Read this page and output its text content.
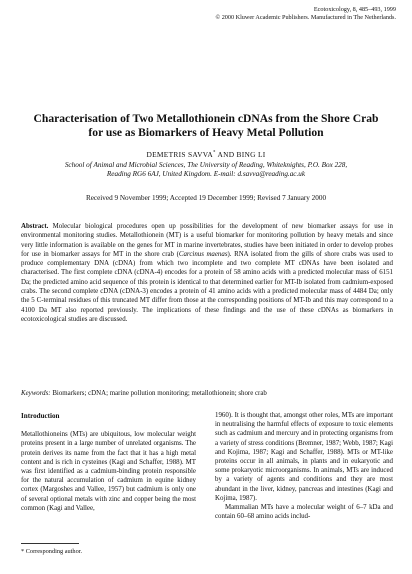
Ecotoxicology, 8, 485–493, 1999
© 2000 Kluwer Academic Publishers. Manufactured in The Netherlands.
Characterisation of Two Metallothionein cDNAs from the Shore Crab for use as Biomarkers of Heavy Metal Pollution
DEMETRIS SAVVA* AND BING LI
School of Animal and Microbial Sciences, The University of Reading, Whiteknights, P.O. Box 228,
Reading RG6 6AJ, United Kingdom. E-mail: d.savva@reading.ac.uk
Received 9 November 1999; Accepted 19 December 1999; Revised 7 January 2000
Abstract. Molecular biological procedures open up possibilities for the development of new biomarker assays for use in environmental monitoring studies. Metallothionein (MT) is a useful biomarker for monitoring pollution by heavy metals and since very little information is available on the genes for MT in marine invertebrates, studies have been initiated in order to develop probes for use in biomarker assays for MT in the shore crab (Carcinus maenas). RNA isolated from the gills of shore crabs was used to produce complementary DNA (cDNA) from which two incomplete and two complete MT cDNAs have been isolated and characterised. The first complete cDNA (cDNA-4) encodes for a protein of 58 amino acids with a predicted molecular mass of 6151 Da; the predicted amino acid sequence of this protein is identical to that determined earlier for MT-Ib isolated from cadmium-exposed crabs. The second complete cDNA (cDNA-3) encodes a protein of 41 amino acids with a predicted molecular mass of 4484 Da; only the 5 C-terminal residues of this truncated MT differ from those at the corresponding positions of MT-Ib and this may correspond to a 4100 Da MT also reported previously. The implications of these findings and the use of these cDNAs as biomarkers in ecotoxicological studies are discussed.
Keywords: Biomarkers; cDNA; marine pollution monitoring; metallothionein; shore crab
Introduction

Metallothioneins (MTs) are ubiquitous, low molecular weight proteins present in a large number of unrelated organisms. The protein derives its name from the fact that it has a high metal content and is rich in cysteines (Kagi and Schaffer, 1988). MT was first identified as a cadmium-binding protein responsible for the natural accumulation of cadmium in equine kidney cortex (Margoshes and Vallee, 1957) but cadmium is only one of several optional metals with zinc and copper being the most common (Kagi and Vallee,

1960). It is thought that, amongst other roles, MTs are important in neutralising the harmful effects of exposure to toxic elements such as cadmium and mercury and in protecting organisms from a variety of stress conditions (Bremner, 1987; Webb, 1987; Kagi and Kojima, 1987; Kagi and Schaffer, 1988). MTs or MT-like proteins occur in all animals, in plants and in eukaryotic and some prokaryotic microorganisms. In animals, MTs are induced by a variety of agents and conditions and they are most abundant in the liver, kidney, pancreas and intestines (Kagi and Kojima, 1987).

Mammalian MTs have a molecular weight of 6–7 kDa and contain 60–68 amino acids includ-

* Corresponding author.
